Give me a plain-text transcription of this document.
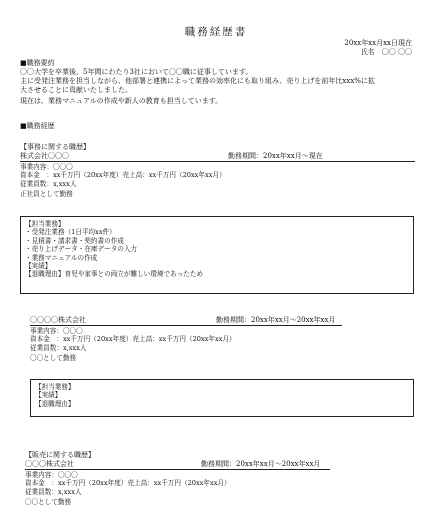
職務経歴書
20xx年xx月xx日現在
氏名　〇〇 〇〇
■職務要約
〇〇大学を卒業後、5年間にわたり3社において〇〇職に従事しています。
主に受発注業務を担当しながら、他部署と連携によって業務の効率化にも取り組み、売り上げを前年比xxx%に拡
大させることに貢献いたしました。
現在は、業務マニュアルの作成や新人の教育も担当しています。
■職務経歴
【事務に関する職歴】
株式会社〇〇〇	勤務期間：20xx年xx月～現在
事業内容：〇〇〇
資本金　：xx千万円（20xx年度）売上高：xx千万円（20xx年xx月）
従業員数：x,xxx人
正社員として勤務
【担当業務】
・受発注業務（1日平均xx件）
・見積書・請求書・契約書の作成
・売り上げデータ・在庫データの入力
・業務マニュアルの作成
【実績】
【退職理由】育児や家事との両立が難しい環境であったため
〇〇〇〇株式会社	勤務期間：20xx年xx月～20xx年xx月
事業内容：〇〇〇
資本金　：xx千万円（20xx年度）売上高：xx千万円（20xx年xx月）
従業員数：x,xxx人
〇〇として勤務
【担当業務】
【実績】
【退職理由】
【販売に関する職歴】
〇〇〇株式会社	勤務期間：20xx年xx月～20xx年xx月
事業内容：〇〇〇
資本金　：xx千万円（20xx年度）売上高：xx千万円（20xx年xx月）
従業員数：x,xxx人
〇〇として勤務
